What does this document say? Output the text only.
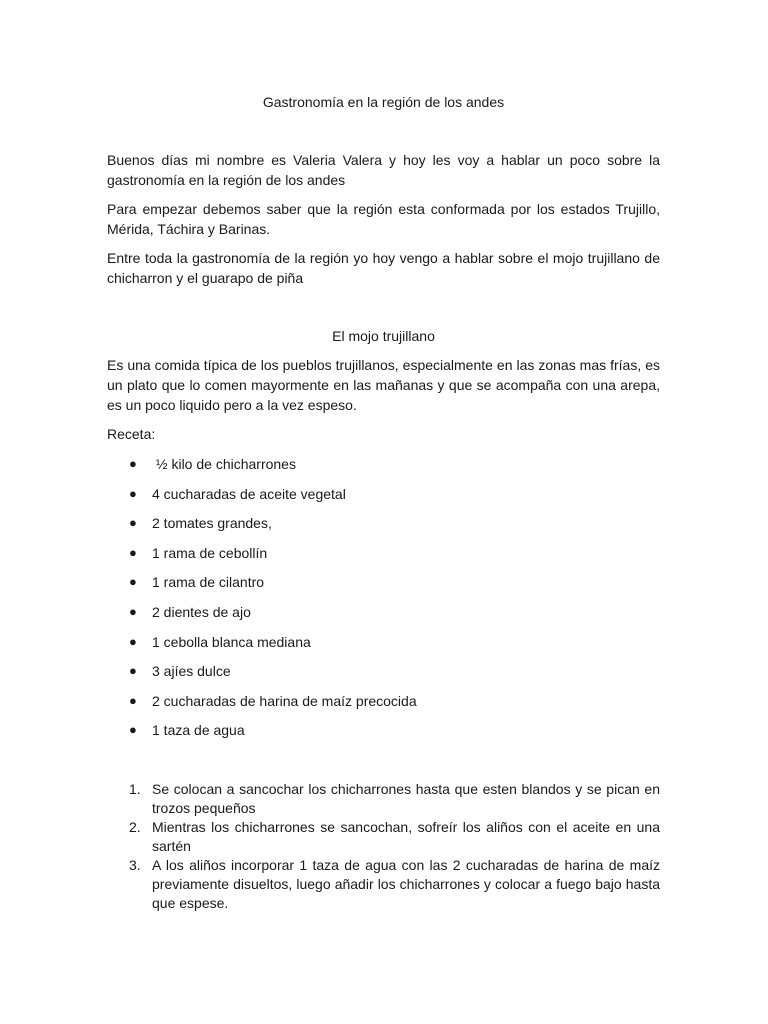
Gastronomía en la región de los andes

Buenos días mi nombre es Valeria Valera y hoy les voy a hablar un poco sobre la gastronomía en la región de los andes

Para empezar debemos saber que la región esta conformada por los estados Trujillo, Mérida, Táchira y Barinas.

Entre toda la gastronomía de la región yo hoy vengo a hablar sobre el mojo trujillano de chicharron y el guarapo de piña

El mojo trujillano

Es una comida típica de los pueblos trujillanos, especialmente en las zonas mas frías, es un plato que lo comen mayormente en las mañanas y que se acompaña con una arepa, es un poco liquido pero a la vez espeso.

Receta:

● ½ kilo de chicharrones
● 4 cucharadas de aceite vegetal
● 2 tomates grandes,
● 1 rama de cebollín
● 1 rama de cilantro
● 2 dientes de ajo
● 1 cebolla blanca mediana
● 3 ajíes dulce
● 2 cucharadas de harina de maíz precocida
● 1 taza de agua
1. Se colocan a sancochar los chicharrones hasta que esten blandos y se pican en trozos pequeños
2. Mientras los chicharrones se sancochan, sofreír los aliños con el aceite en una sartén
3. A los aliños incorporar 1 taza de agua con las 2 cucharadas de harina de maíz previamente disueltos, luego añadir los chicharrones y colocar a fuego bajo hasta que espese.
